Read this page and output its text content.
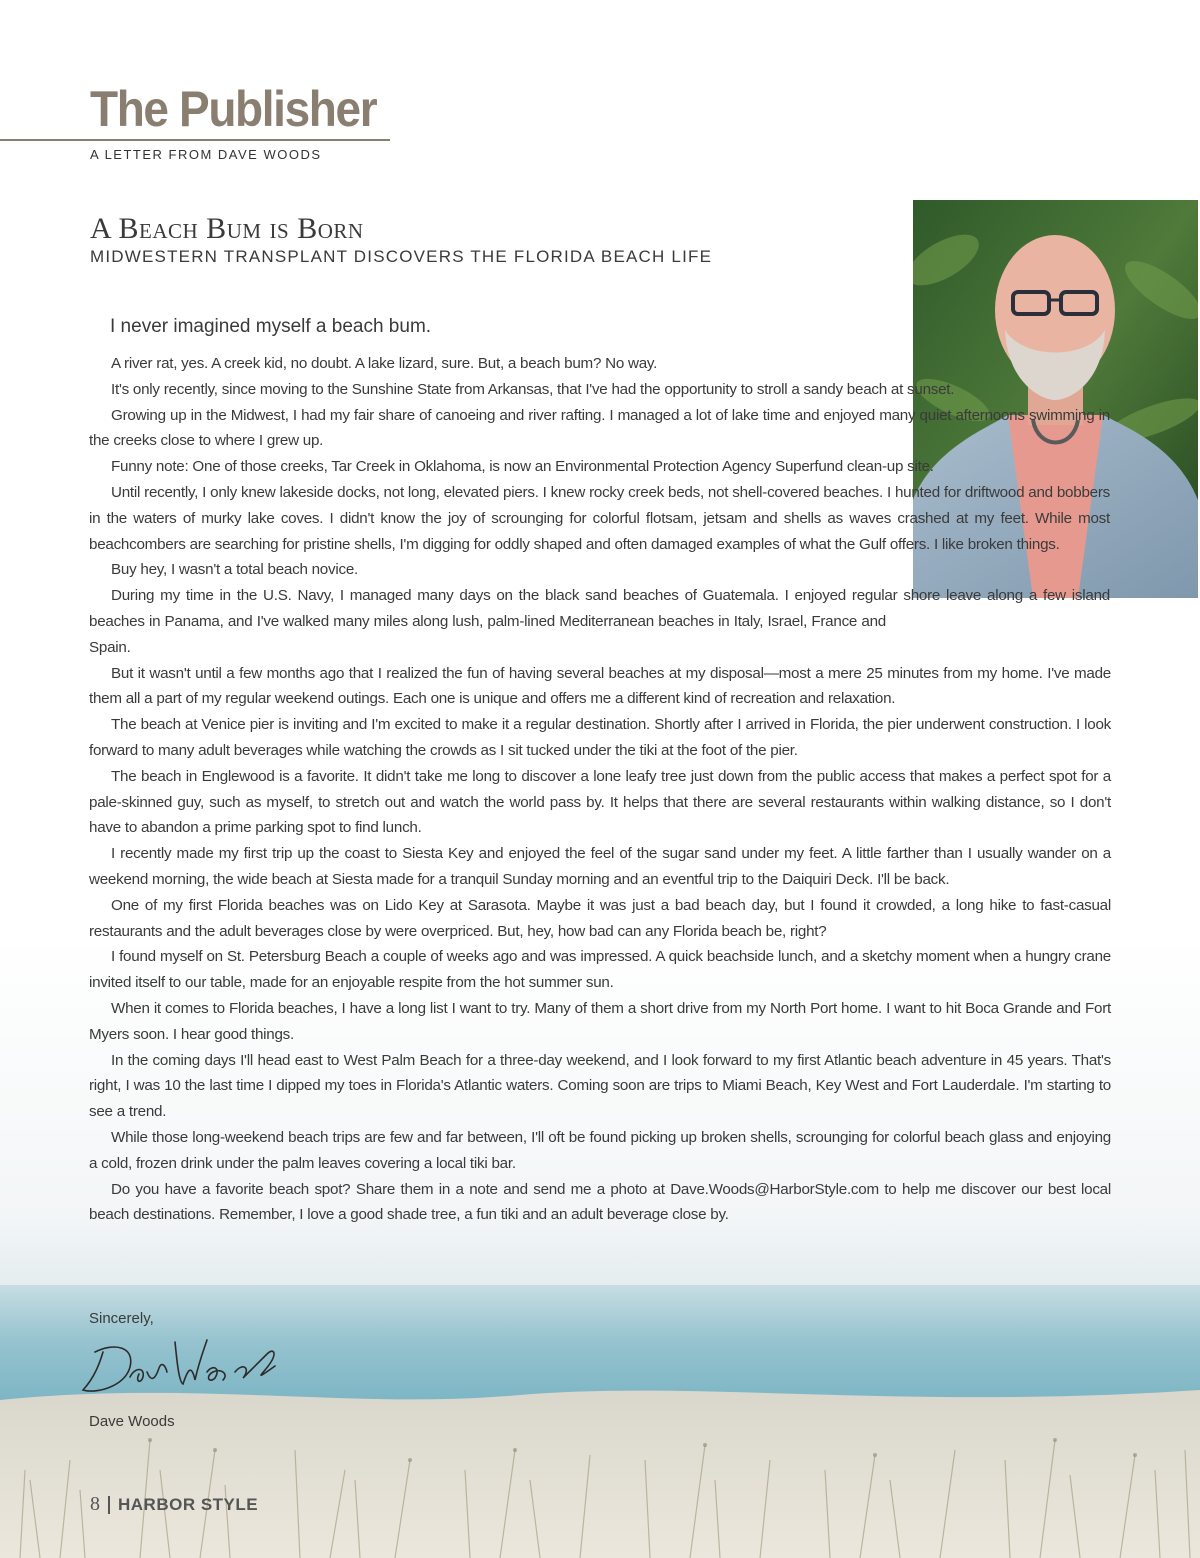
The Publisher
A LETTER FROM DAVE WOODS
A Beach Bum is Born
MIDWESTERN TRANSPLANT DISCOVERS THE FLORIDA BEACH LIFE
I never imagined myself a beach bum.

A river rat, yes. A creek kid, no doubt. A lake lizard, sure. But, a beach bum? No way.

It's only recently, since moving to the Sunshine State from Arkansas, that I've had the opportunity to stroll a sandy beach at sunset.

Growing up in the Midwest, I had my fair share of canoeing and river rafting. I managed a lot of lake time and enjoyed many quiet afternoons swimming in the creeks close to where I grew up.

Funny note: One of those creeks, Tar Creek in Oklahoma, is now an Environmental Protection Agency Superfund clean-up site.

Until recently, I only knew lakeside docks, not long, elevated piers. I knew rocky creek beds, not shell-covered beaches. I hunted for driftwood and bobbers in the waters of murky lake coves. I didn't know the joy of scrounging for colorful flotsam, jetsam and shells as waves crashed at my feet. While most beachcombers are searching for pristine shells, I'm digging for oddly shaped and often damaged examples of what the Gulf offers. I like broken things.

Buy hey, I wasn't a total beach novice.

During my time in the U.S. Navy, I managed many days on the black sand beaches of Guatemala. I enjoyed regular shore leave along a few island beaches in Panama, and I've walked many miles along lush, palm-lined Mediterranean beaches in Italy, Israel, France and Spain.

But it wasn't until a few months ago that I realized the fun of having several beaches at my disposal—most a mere 25 minutes from my home. I've made them all a part of my regular weekend outings. Each one is unique and offers me a different kind of recreation and relaxation.

The beach at Venice pier is inviting and I'm excited to make it a regular destination. Shortly after I arrived in Florida, the pier underwent construction. I look forward to many adult beverages while watching the crowds as I sit tucked under the tiki at the foot of the pier.

The beach in Englewood is a favorite. It didn't take me long to discover a lone leafy tree just down from the public access that makes a perfect spot for a pale-skinned guy, such as myself, to stretch out and watch the world pass by. It helps that there are several restaurants within walking distance, so I don't have to abandon a prime parking spot to find lunch.

I recently made my first trip up the coast to Siesta Key and enjoyed the feel of the sugar sand under my feet. A little farther than I usually wander on a weekend morning, the wide beach at Siesta made for a tranquil Sunday morning and an eventful trip to the Daiquiri Deck. I'll be back.

One of my first Florida beaches was on Lido Key at Sarasota. Maybe it was just a bad beach day, but I found it crowded, a long hike to fast-casual restaurants and the adult beverages close by were overpriced. But, hey, how bad can any Florida beach be, right?

I found myself on St. Petersburg Beach a couple of weeks ago and was impressed. A quick beachside lunch, and a sketchy moment when a hungry crane invited itself to our table, made for an enjoyable respite from the hot summer sun.

When it comes to Florida beaches, I have a long list I want to try. Many of them a short drive from my North Port home. I want to hit Boca Grande and Fort Myers soon. I hear good things.

In the coming days I'll head east to West Palm Beach for a three-day weekend, and I look forward to my first Atlantic beach adventure in 45 years. That's right, I was 10 the last time I dipped my toes in Florida's Atlantic waters. Coming soon are trips to Miami Beach, Key West and Fort Lauderdale. I'm starting to see a trend.

While those long-weekend beach trips are few and far between, I'll oft be found picking up broken shells, scrounging for colorful beach glass and enjoying a cold, frozen drink under the palm leaves covering a local tiki bar.

Do you have a favorite beach spot? Share them in a note and send me a photo at Dave.Woods@HarborStyle.com to help me discover our best local beach destinations. Remember, I love a good shade tree, a fun tiki and an adult beverage close by.

Sincerely,
Dave Woods
8 HARBOR STYLE
